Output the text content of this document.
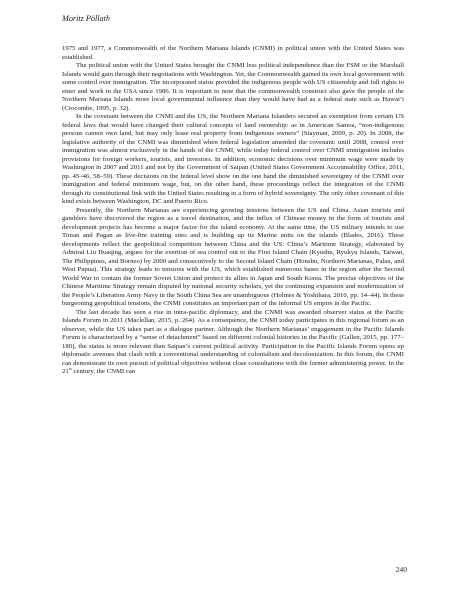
Moritz Pöllath

1975 and 1977, a Commonwealth of the Northern Mariana Islands (CNMI) in political union with the United States was established.

The political union with the United States brought the CNMI less political independence than the FSM or the Marshall Islands would gain through their negotiations with Washington. Yet, the Commonwealth gained its own local government with some control over immigration. The incorporated status provided the indigenous people with US citizenship and full rights to enter and work in the USA since 1986. It is important to note that the commonwealth construct also gave the people of the Northern Mariana Islands more local governmental influence than they would have had as a federal state such as Hawai‘i (Crocombe, 1995, p. 32).

In the covenant between the CNMI and the US, the Northern Mariana Islanders secured an exemption from certain US federal laws that would have changed their cultural concepts of land ownership: as in American Samoa, “non-indigenous persons cannot own land, but may only lease real property from indigenous owners” (Stayman, 2009, p. 20). In 2008, the legislative authority of the CNMI was diminished when federal legislation amended the covenant: until 2008, control over immigration was almost exclusively in the hands of the CNMI, while today federal control over CNMI immigration includes provisions for foreign workers, tourists, and investors. In addition, economic decisions over minimum wage were made by Washington in 2007 and 2011 and not by the Government of Saipan (United States Government Accountability Office, 2011, pp. 45–46, 58–59). These decisions on the federal level show on the one hand the diminished sovereignty of the CNMI over immigration and federal minimum wage, but, on the other hand, these proceedings reflect the integration of the CNMI through its constitutional link with the United States resulting in a form of hybrid sovereignty. The only other covenant of this kind exists between Washington, DC and Puerto Rico.

Presently, the Northern Marianas are experiencing growing tensions between the US and China. Asian tourists and gamblers have discovered the region as a travel destination, and the influx of Chinese money in the form of tourists and development projects has become a major factor for the island economy. At the same time, the US military intends to use Tinian and Pagan as live-fire training sites and is building up its Marine units on the islands (Blades, 2016). These developments reflect the geopolitical competition between China and the US: China’s Maritime Strategy, elaborated by Admiral Liu Huaqing, argues for the exertion of sea control out to the First Island Chain (Kyushu, Ryukyu Islands, Taiwan, The Philippines, and Borneo) by 2000 and consecutively to the Second Island Chain (Honshu, Northern Marianas, Palau, and West Papua). This strategy leads to tensions with the US, which established numerous bases in the region after the Second World War to contain the former Soviet Union and protect its allies in Japan and South Korea. The precise objectives of the Chinese Maritime Strategy remain disputed by national security scholars, yet the continuing expansion and modernization of the People’s Liberation Army Navy in the South China Sea are unambiguous (Holmes & Yoshihara, 2010, pp. 14–44). In these burgeoning geopolitical tensions, the CNMI constitutes an important part of the informal US empire in the Pacific.

The last decade has seen a rise in intra-pacific diplomacy, and the CNMI was awarded observer status at the Pacific Islands Forum in 2011 (Maclellan, 2015, p. 264). As a consequence, the CNMI today participates in this regional forum as an observer, while the US takes part as a dialogue partner. Although the Northern Marianas’ engagement in the Pacific Islands Forum is characterized by a “sense of detachment” based on different colonial histories in the Pacific (Gallen, 2015, pp. 177–180), the status is more relevant than Saipan’s current political activity. Participation in the Pacific Islands Forum opens up diplomatic avenues that clash with a conventional understanding of colonialism and decolonization. In this forum, the CNMI can demonstrate its own pursuit of political objectives without close consultations with the former administering power. In the 21st century, the CNMI can

240
